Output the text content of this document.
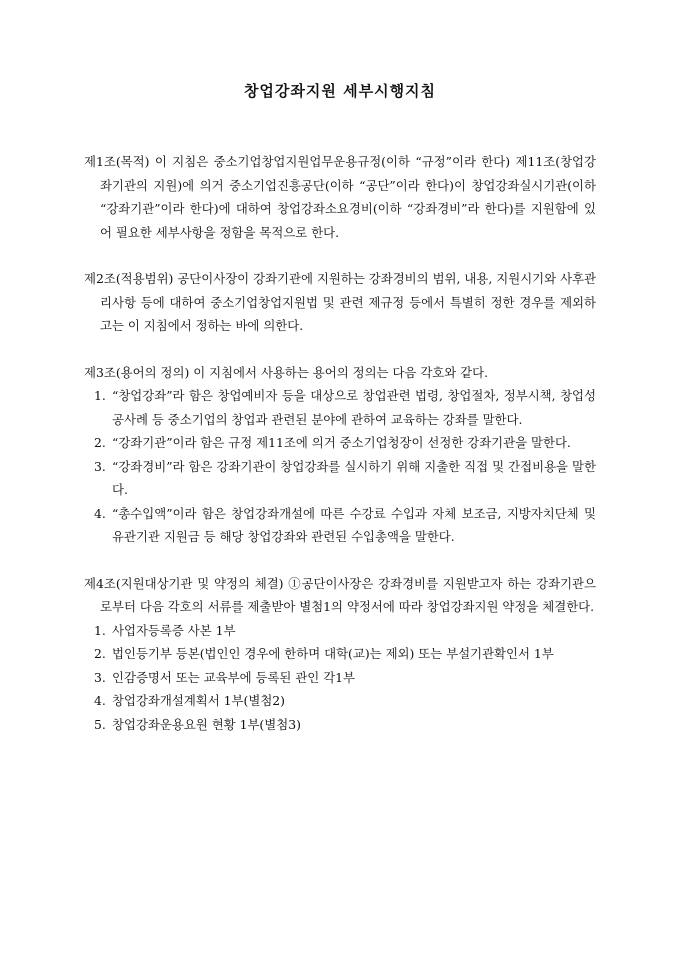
창업강좌지원 세부시행지침

제1조(목적) 이 지침은 중소기업창업지원업무운용규정(이하 “규정”이라 한다) 제11조(창업강좌기관의 지원)에 의거 중소기업진흥공단(이하 “공단”이라 한다)이 창업강좌실시기관(이하 “강좌기관”이라 한다)에 대하여 창업강좌소요경비(이하 “강좌경비”라 한다)를 지원함에 있어 필요한 세부사항을 정함을 목적으로 한다.

제2조(적용범위) 공단이사장이 강좌기관에 지원하는 강좌경비의 범위, 내용, 지원시기와 사후관리사항 등에 대하여 중소기업창업지원법 및 관련 제규정 등에서 특별히 정한 경우를 제외하고는 이 지침에서 정하는 바에 의한다.

제3조(용어의 정의) 이 지침에서 사용하는 용어의 정의는 다음 각호와 같다.

1. “창업강좌”라 함은 창업예비자 등을 대상으로 창업관련 법령, 창업절차, 정부시책, 창업성공사례 등 중소기업의 창업과 관련된 분야에 관하여 교육하는 강좌를 말한다.
2. “강좌기관”이라 함은 규정 제11조에 의거 중소기업청장이 선정한 강좌기관을 말한다.
3. “강좌경비”라 함은 강좌기관이 창업강좌를 실시하기 위해 지출한 직접 및 간접비용을 말한다.
4. “총수입액”이라 함은 창업강좌개설에 따른 수강료 수입과 자체 보조금, 지방자치단체 및 유관기관 지원금 등 해당 창업강좌와 관련된 수입총액을 말한다.

제4조(지원대상기관 및 약정의 체결) ①공단이사장은 강좌경비를 지원받고자 하는 강좌기관으로부터 다음 각호의 서류를 제출받아 별첨1의 약정서에 따라 창업강좌지원 약정을 체결한다.

1. 사업자등록증 사본 1부
2. 법인등기부 등본(법인인 경우에 한하며 대학(교)는 제외) 또는 부설기관확인서 1부
3. 인감증명서 또는 교육부에 등록된 관인 각1부
4. 창업강좌개설계획서 1부(별첨2)
5. 창업강좌운용요원 현황 1부(별첨3)
